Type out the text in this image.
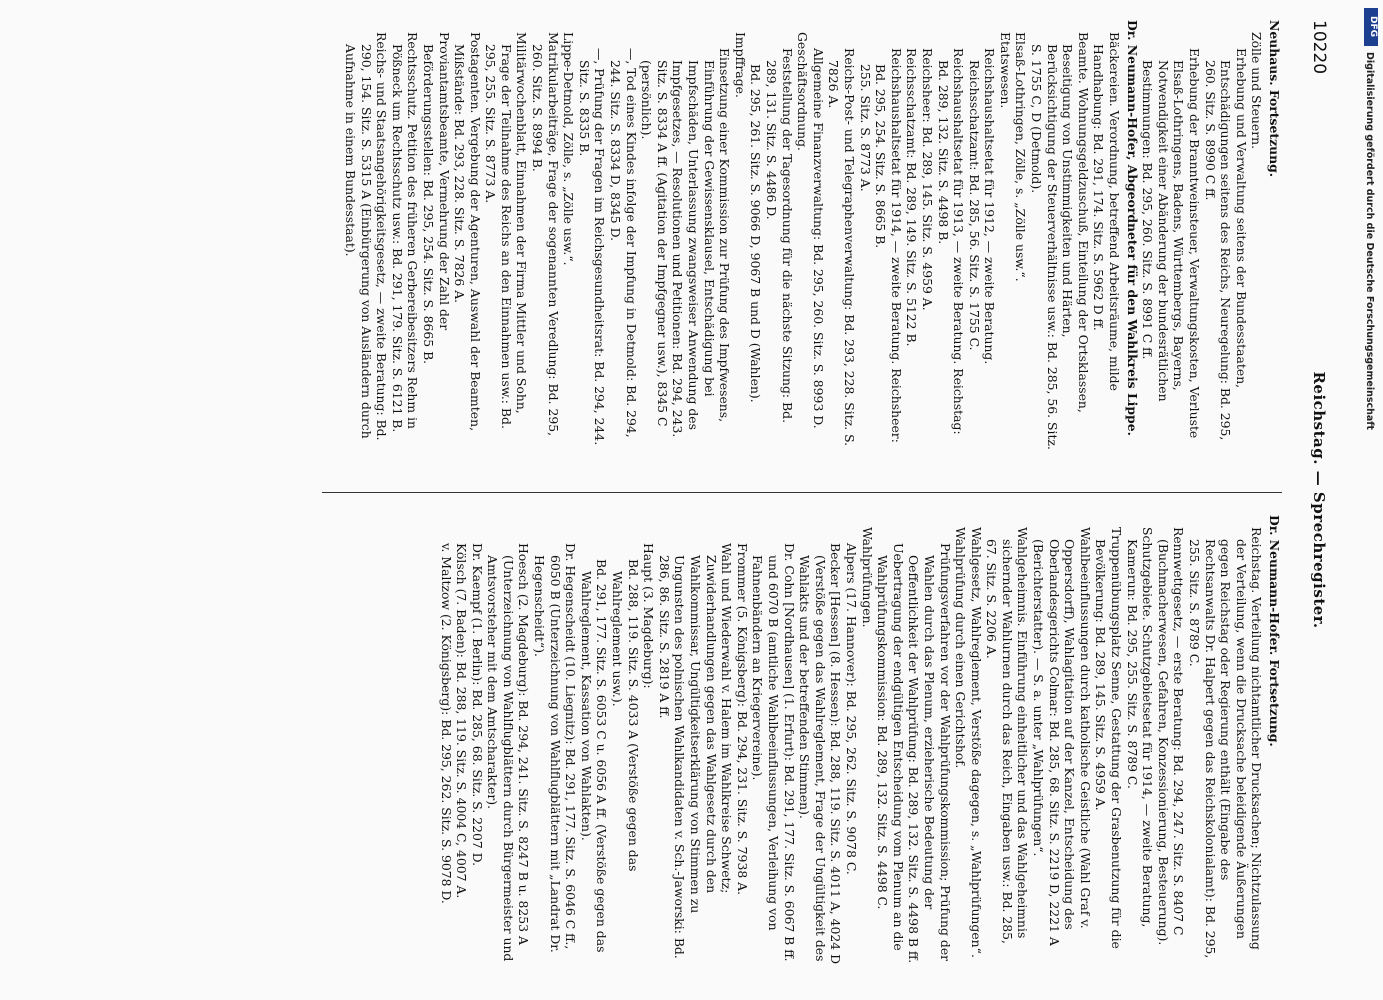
10220
Reichstag. — Sprechregister.

Neuhaus. Fortsetzung.

Zölle und Steuern.

Erhebung und Verwaltung seitens der Bundesstaaten, Entschädigungen seitens des Reichs, Neuregelung: Bd. 295, 260. Sitz. S. 8990 C ff.

Erhebung der Branntweinsteuer, Verwaltungskosten, Verluste Elsaß-Lothringens, Badens, Württembergs, Bayerns, Notwendigkeit einer Abänderung der bundesrätlichen Bestimmungen: Bd. 295, 260. Sitz. S. 8991 C ff.

Dr. Neumann-Hofer, Abgeordneter für den Wahlkreis Lippe.

Bäckereien. Verordnung, betreffend Arbeitsräume, milde Handhabung: Bd. 291, 174. Sitz. S. 5962 D ff.

Beamte. Wohnungsgeldzuschuß, Einteilung der Ortsklassen, Beseitigung von Unstimmigkeiten und Härten, Berücksichtigung der Steuerverhältnisse usw.: Bd. 285, 56. Sitz. S. 1755 C, D (Detmold).

Elsaß-Lothringen, Zölle, s. „Zölle usw.“.

Etatswesen.

Reichshaushaltsetat für 1912, — zweite Beratung. Reichsschatzamt: Bd. 285, 56. Sitz. S. 1755 C.

Reichshaushaltsetat für 1913, — zweite Beratung. Reichstag: Bd. 289, 132. Sitz. S. 4498 B.

Reichsheer: Bd. 289, 145. Sitz. S. 4959 A.

Reichsschatzamt: Bd. 289, 149. Sitz. S. 5122 B.

Reichshaushaltsetat für 1914, — zweite Beratung. Reichsheer:

Bd. 295, 254. Sitz. S. 8665 B.

255. Sitz. S. 8773 A.

Reichs-Post- und Telegraphenverwaltung: Bd. 293, 228. Sitz. S. 7826 A.

Allgemeine Finanzverwaltung: Bd. 295, 260. Sitz. S. 8993 D.

Geschäftsordnung.

Feststellung der Tagesordnung für die nächste Sitzung: Bd. 289, 131. Sitz. S. 4486 D.

Bd. 295, 261. Sitz. S. 9066 D, 9067 B und D (Wahlen).

Impffrage.

Einsetzung einer Kommission zur Prüfung des Impfwesens, Einführung der Gewissensklausel, Entschädigung bei Impfschäden, Unterlassung zwangsweiser Anwendung des Impfgesetzes, — Resolutionen und Petitionen: Bd. 294, 243. Sitz. S. 8334 A ff. (Agitation der Impfgegner usw.), 8345 C (persönlich).

—, Tod eines Kindes infolge der Impfung in Detmold: Bd. 294, 244. Sitz. S. 8334 D, 8345 D.

—, Prüfung der Fragen im Reichsgesundheitsrat: Bd. 294, 244. Sitz. S. 8335 B.

Lippe-Detmold, Zölle, s. „Zölle usw.“.

Matrikularbeiträge, Frage der sogenannten Veredlung: Bd. 295, 260. Sitz. S. 8994 B.

Militärwochenblatt, Einnahmen der Firma Mittler und Sohn, Frage der Teilnahme des Reichs an den Einnahmen usw.: Bd. 295, 255. Sitz. S. 8773 A.

Postagenten. Vergebung der Agenturen, Auswahl der Beamten, Mißstände: Bd. 293, 228. Sitz. S. 7826 A.

Proviantamtsbeamte, Vermehrung der Zahl der Beförderungsstellen: Bd. 295, 254. Sitz. S. 8665 B.

Rechtsschutz. Petition des früheren Gerbereibesitzers Rehm in Pößneck um Rechtsschutz usw.: Bd. 291, 179. Sitz. S. 6121 B.

Reichs- und Staatsangehörigkeitsgesetz, — zweite Beratung: Bd. 290, 154. Sitz. S. 5315 A (Einbürgerung von Ausländern durch Aufnahme in einem Bundesstaat).

Dr. Neumann-Hofer. Fortsetzung.

Reichstag. Verteilung nichtamtlicher Drucksachen; Nichtzulassung der Verteilung, wenn die Drucksache beleidigende Äußerungen gegen Reichstag oder Regierung enthält (Eingabe des Rechtsanwalts Dr. Halpert gegen das Reichskolonialamt): Bd. 295, 255. Sitz. S. 8789 C.

Rennwettgesetz, — erste Beratung: Bd. 294, 247. Sitz. S. 8407 C (Buchmacherwesen, Gefahren, Konzessionierung, Besteuerung).

Schutzgebiete. Schutzgebietsetat für 1914, — zweite Beratung, Kamerun: Bd. 295, 255. Sitz. S. 8789 C.

Truppenübungsplatz Senne, Gestattung der Grasbenutzung für die Bevölkerung: Bd. 289, 145. Sitz. S. 4959 A.

Wahlbeeinflussungen durch katholische Geistliche (Wahl Graf v. Oppersdorff), Wahlagitation auf der Kanzel, Entscheidung des Oberlandesgerichts Colmar: Bd. 285, 68. Sitz. S. 2219 D, 2221 A (Berichterstatter). — S. a. unter „Wahlprüfungen“.

Wahlgeheimnis. Einführung einheitlicher und das Wahlgeheimnis sichernder Wahlurnen durch das Reich, Eingaben usw.: Bd. 285, 67. Sitz. S. 2206 A.

Wahlgesetz, Wahlreglement, Verstöße dagegen, s. „Wahlprüfungen“.

Wahlprüfung durch einen Gerichtshof.

Prüfungsverfahren vor der Wahlprüfungskommission; Prüfung der Wahlen durch das Plenum, erzieherische Bedeutung der Oeffentlichkeit der Wahlprüfung: Bd. 289, 132. Sitz. S. 4498 B ff.

Uebertragung der endgültigen Entscheidung vom Plenum an die Wahlprüfungskommission: Bd. 289, 132. Sitz. S. 4498 C.

Wahlprüfungen.

Alpers (17. Hannover): Bd. 295, 262. Sitz. S. 9078 C.

Becker [Hessen] (8. Hessen): Bd. 288, 119. Sitz. S. 4011 A, 4024 D (Verstöße gegen das Wahlreglement, Frage der Ungültigkeit des Wahlakts und der betreffenden Stimmen).

Dr. Cohn [Nordhausen] (1. Erfurt): Bd. 291, 177. Sitz. S. 6067 B ff. und 6070 B (amtliche Wahlbeeinflussungen, Verleihung von Fahnenbändern an Kriegervereine).

Frommer (5. Königsberg): Bd. 294, 231. Sitz. S. 7938 A.

Wahl und Wiederwahl v. Halem im Wahlkreise Schwetz; Zuwiderhandlungen gegen das Wahlgesetz durch den Wahlkommissar, Ungültigkeitserklärung von Stimmen zu Ungunsten des polnischen Wahlkandidaten v. Sch.-Jaworski: Bd. 286, 86. Sitz. S. 2819 A ff.

Haupt (3. Magdeburg):

Bd. 288, 119. Sitz. S. 4033 A (Verstöße gegen das Wahlreglement usw.).

Bd. 291, 177. Sitz. S. 6053 C u. 6056 A ff. (Verstöße gegen das Wahlreglement, Kassation von Wahlakten).

Dr. Hegenscheidt (10. Liegnitz): Bd. 291, 177. Sitz. S. 6046 C ff., 6050 B (Unterzeichnung von Wahlflugblättern mit „Landrat Dr. Hegenscheidt“).

Hoesch (2. Magdeburg): Bd. 294, 241. Sitz. S. 8247 B u. 8253 A (Unterzeichnung von Wahlflugblättern durch Bürgermeister und Amtsvorsteher mit dem Amtscharakter).

Dr. Kaempf (1. Berlin): Bd. 285, 68. Sitz. S. 2207 D.

Kölsch (7. Baden): Bd. 288, 119. Sitz. S. 4004 C, 4007 A.

v. Maltzow (2. Königsberg): Bd. 295, 262. Sitz. S. 9078 D.

DFG
Digitalisierung gefördert durch die Deutsche Forschungsgemeinschaft
